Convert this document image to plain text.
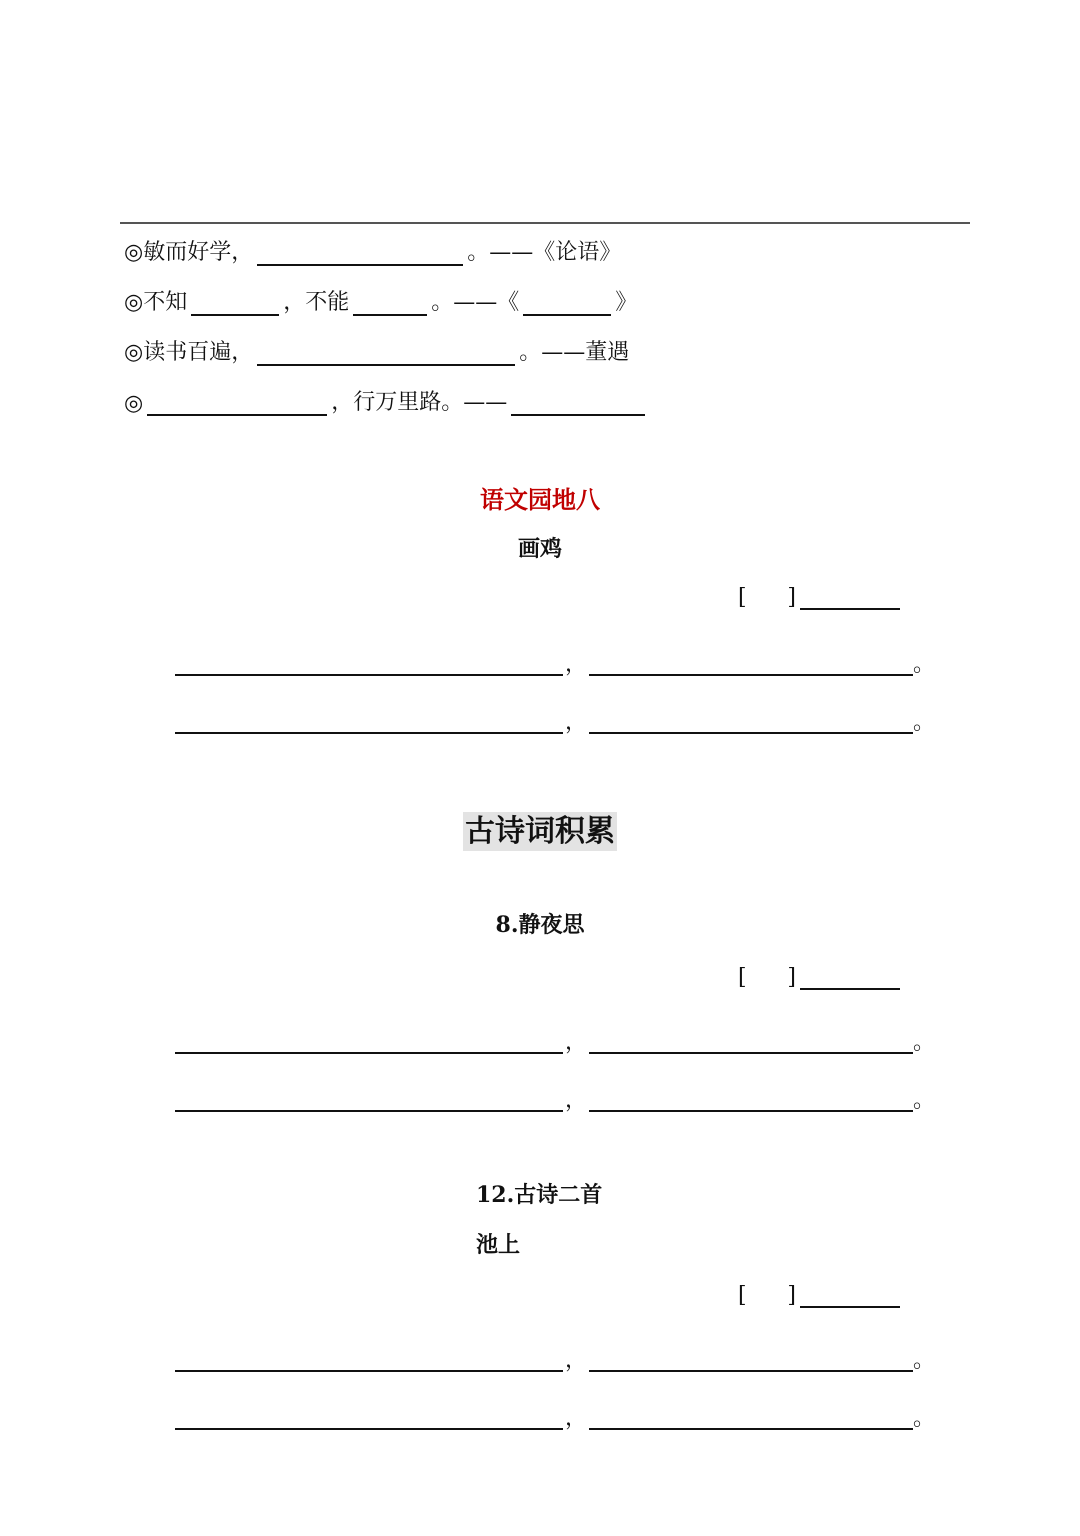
◎敏而好学，	。 ——《论语》
◎不知	，不能	。——《	》
◎读书百遍，	。 ——董遇
◎	，行万里路。——
语文园地八
画鸡
[ ]
，	。
，	。
古诗词积累
8.静夜思
[ ]
，	。
，	。
12.古诗二首
池上
[ ]
，	。
，	。
